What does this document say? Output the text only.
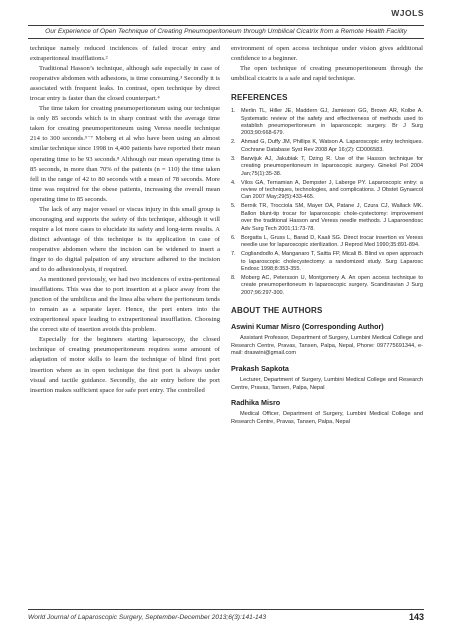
WJOLS
Our Experience of Open Technique of Creating Pneumoperitoneum through Umbilical Cicatrix from a Remote Health Facility

technique namely reduced incidences of failed trocar entry and extraperitoneal insufflations.²

Traditional Hasson’s technique, although safe especially in case of reoperative abdomen with adhesions, is time consuming.³ Secondly it is associated with frequent leaks. In contrast, open technique by direct trocar entry is faster than the closed counterpart.⁴

The time taken for creating pneumoperitoneum using our technique is only 85 seconds which is in sharp contrast with the average time taken for creating pneumoperitoneum using Veress needle technique 214 to 300 seconds.⁵⁻⁷ Moberg et al who have been using an almost similar technique since 1998 in 4,400 patients have reported their mean operating time to be 93 seconds.⁸ Although our mean operating time is 85 seconds, in more than 70% of the patients (n = 110) the time taken fell in the range of 42 to 80 seconds with a mean of 78 seconds. More time was required for the obese patients, increasing the overall mean operating time to 85 seconds.

The lack of any major vessel or viscus injury in this small group is encouraging and supports the safety of this technique, although it will require a lot more cases to elucidate its safety and long-term results. A distinct advantage of this technique is its application in case of reoperative abdomen where the incision can be widened to insert a finger to do digital palpation of any structure adhered to the incision and to do adhesionolysis, if required.

As mentioned previously, we had two incidences of extra-peritoneal insufflations. This was due to port insertion at a place away from the junction of the umbilicus and the linea alba where the peritoneum tends to remain as a separate layer. Hence, the port enters into the extraperitoneal space leading to extraperitoneal insufflation. Choosing the correct site of insertion avoids this problem.

Especially for the beginners starting laparoscopy, the closed technique of creating pneumoperitoneum requires some amount of adaptation of motor skills to learn the technique of blind first port insertion where as in open technique the first port is always under visual and tactile guidance. Secondly, the air entry before the port insertion makes sufficient space for safe port entry. The controlled

environment of open access technique under vision gives additional confidence to a beginner.

The open technique of creating pneumoperitoneum through the umbilical cicatrix is a safe and rapid technique.

REFERENCES
1. Merlin TL, Hiller JE, Maddern GJ, Jamieson GG, Brown AR, Kolbe A. Systematic review of the safety and effectiveness of methods used to establish pneumoperitoneum in laparoscopic surgery. Br J Surg 2003;90:668-679.
2. Ahmad G, Duffy JM, Phillips K, Watson A. Laparoscopic entry techniques. Cochrane Database Syst Rev 2008 Apr 16;(2): CD006583.
3. Barwijuk AJ, Jakubiak T, Dzing R. Use of the Hasson technique for creating pneumoperitoneum in laparoscopic surgery. Ginekol Pol 2004 Jan;75(1):35-38.
4. Vilos GA, Ternamian A, Dempster J, Laberge PY. Laparoscopic entry: a review of techniques, technologies, and complications. J Obstet Gynaecol Can 2007 May;29(5):433-465.
5. Bernik TR, Trocciola SM, Mayer DA, Patane J, Czura CJ, Wallack MK. Ballon blunt-tip trocar for laparoscopic chole-cystectomy: improvement over the traditional Hasson and Veress needle methods. J Laparoendosc Adv Surg Tech 2001;11:73-78.
6. Borgatta L, Gruss L, Barad D, Kaali SG. Direct trocar insertion vs Veress needle use for laparoscopic sterilization. J Reprod Med 1990;35:891-894.
7. Cogliandodlo A, Manganaro T, Saitta FP, Micali B. Blind vs open approach to laparoscopic cholecystectomy: a randomized study. Surg Laparosc Endosc 1998;8:353-355.
8. Moberg AC, Petersson U, Montgomery A. An open access technique to create pneumoperitoneum in laparoscopic surgery. Scandinavian J Surg 2007;96:297-300.
ABOUT THE AUTHORS
Aswini Kumar Misro (Corresponding Author)

Assistant Professor, Department of Surgery, Lumbini Medical College and Research Centre, Pravas, Tansen, Palpa, Nepal, Phone: 097775691344, e-mail: draswini@gmail.com

Prakash Sapkota

Lecturer, Department of Surgery, Lumbini Medical College and Research Centre, Pravas, Tansen, Palpa, Nepal

Radhika Misro

Medical Officer, Department of Surgery, Lumbini Medical College and Research Centre, Pravas, Tansen, Palpa, Nepal

World Journal of Laparoscopic Surgery, September-December 2013;6(3):141-143	143
